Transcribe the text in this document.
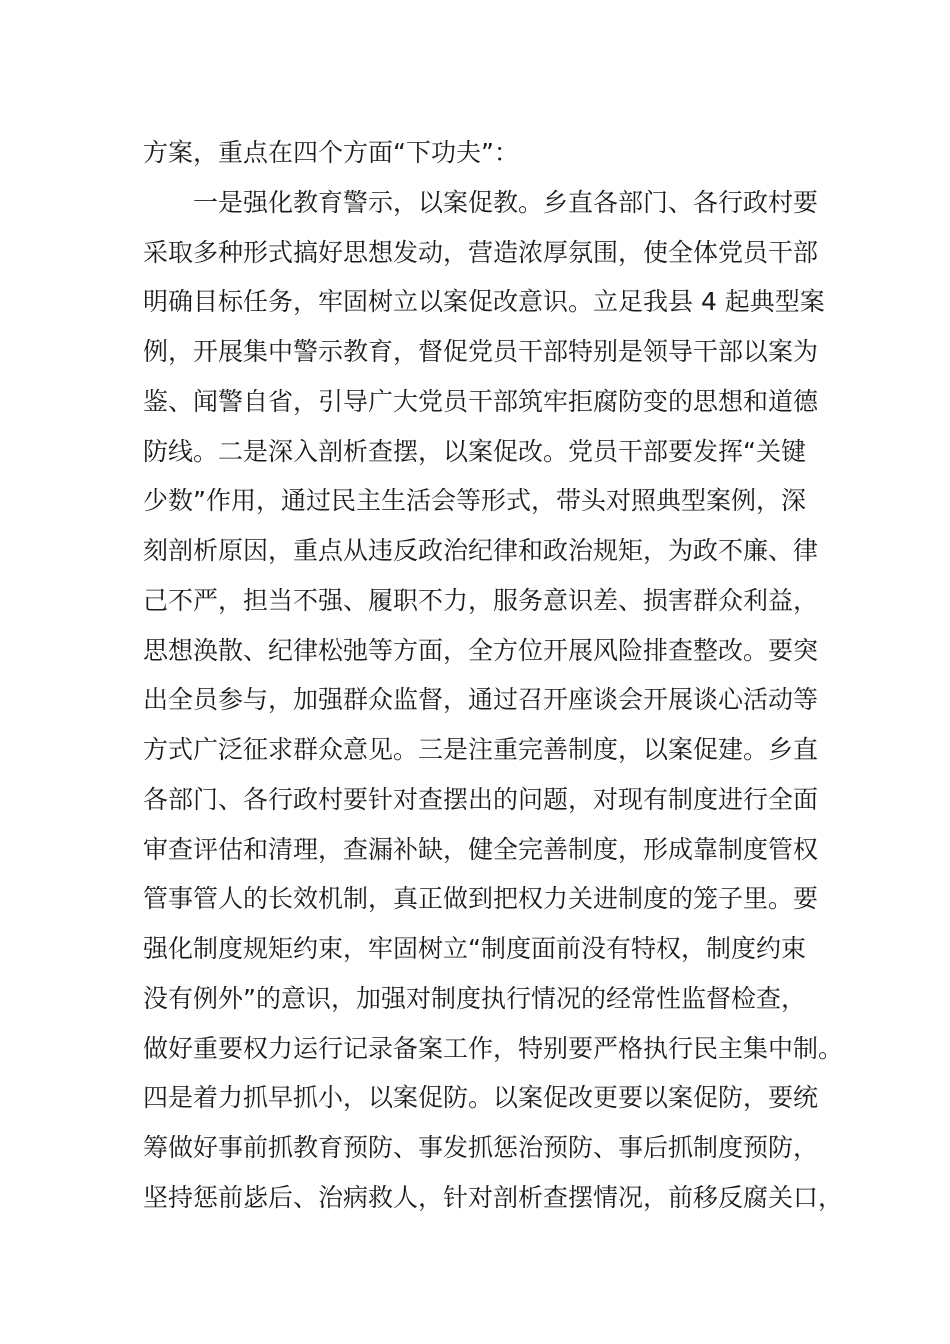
方案，重点在四个方面“下功夫”：
　　一是强化教育警示，以案促教。乡直各部门、各行政村要
采取多种形式搞好思想发动，营造浓厚氛围，使全体党员干部
明确目标任务，牢固树立以案促改意识。立足我县 4 起典型案
例，开展集中警示教育，督促党员干部特别是领导干部以案为
鉴、闻警自省，引导广大党员干部筑牢拒腐防变的思想和道德
防线。二是深入剖析查摆，以案促改。党员干部要发挥“关键
少数”作用，通过民主生活会等形式，带头对照典型案例，深
刻剖析原因，重点从违反政治纪律和政治规矩，为政不廉、律
己不严，担当不强、履职不力，服务意识差、损害群众利益，
思想涣散、纪律松弛等方面，全方位开展风险排查整改。要突
出全员参与，加强群众监督，通过召开座谈会开展谈心活动等
方式广泛征求群众意见。三是注重完善制度，以案促建。乡直
各部门、各行政村要针对查摆出的问题，对现有制度进行全面
审查评估和清理，查漏补缺，健全完善制度，形成靠制度管权
管事管人的长效机制，真正做到把权力关进制度的笼子里。要
强化制度规矩约束，牢固树立“制度面前没有特权，制度约束
没有例外”的意识，加强对制度执行情况的经常性监督检查，
做好重要权力运行记录备案工作，特别要严格执行民主集中制。
四是着力抓早抓小，以案促防。以案促改更要以案促防，要统
筹做好事前抓教育预防、事发抓惩治预防、事后抓制度预防，
坚持惩前毖后、治病救人，针对剖析查摆情况，前移反腐关口，
